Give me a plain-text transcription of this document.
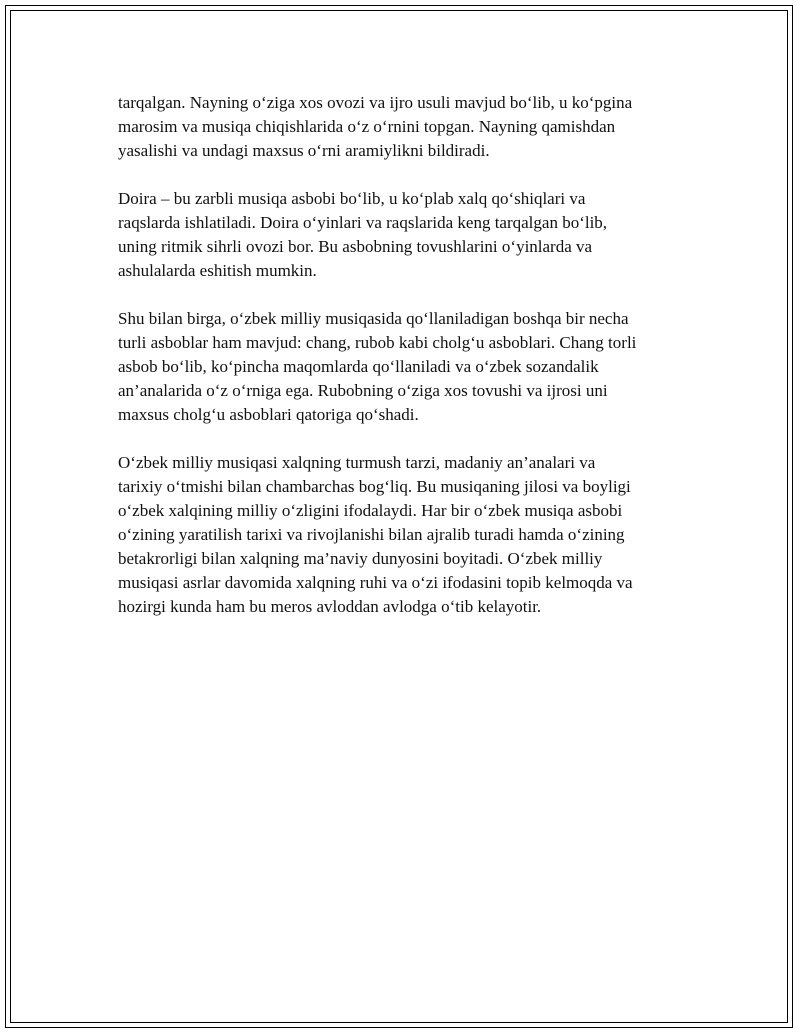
tarqalgan. Nayning o‘ziga xos ovozi va ijro usuli mavjud bo‘lib, u ko‘pgina
marosim va musiqa chiqishlarida o‘z o‘rnini topgan. Nayning qamishdan
yasalishi va undagi maxsus o‘rni aramiylikni bildiradi.

Doira – bu zarbli musiqa asbobi bo‘lib, u ko‘plab xalq qo‘shiqlari va
raqslarda ishlatiladi. Doira o‘yinlari va raqslarida keng tarqalgan bo‘lib,
uning ritmik sihrli ovozi bor. Bu asbobning tovushlarini o‘yinlarda va
ashulalarda eshitish mumkin.

Shu bilan birga, o‘zbek milliy musiqasida qo‘llaniladigan boshqa bir necha
turli asboblar ham mavjud: chang, rubob kabi cholg‘u asboblari. Chang torli
asbob bo‘lib, ko‘pincha maqomlarda qo‘llaniladi va o‘zbek sozandalik
an’analarida o‘z o‘rniga ega. Rubobning o‘ziga xos tovushi va ijrosi uni
maxsus cholg‘u asboblari qatoriga qo‘shadi.

O‘zbek milliy musiqasi xalqning turmush tarzi, madaniy an’analari va
tarixiy o‘tmishi bilan chambarchas bog‘liq. Bu musiqaning jilosi va boyligi
o‘zbek xalqining milliy o‘zligini ifodalaydi. Har bir o‘zbek musiqa asbobi
o‘zining yaratilish tarixi va rivojlanishi bilan ajralib turadi hamda o‘zining
betakrorligi bilan xalqning ma’naviy dunyosini boyitadi. O‘zbek milliy
musiqasi asrlar davomida xalqning ruhi va o‘zi ifodasini topib kelmoqda va
hozirgi kunda ham bu meros avloddan avlodga o‘tib kelayotir.
